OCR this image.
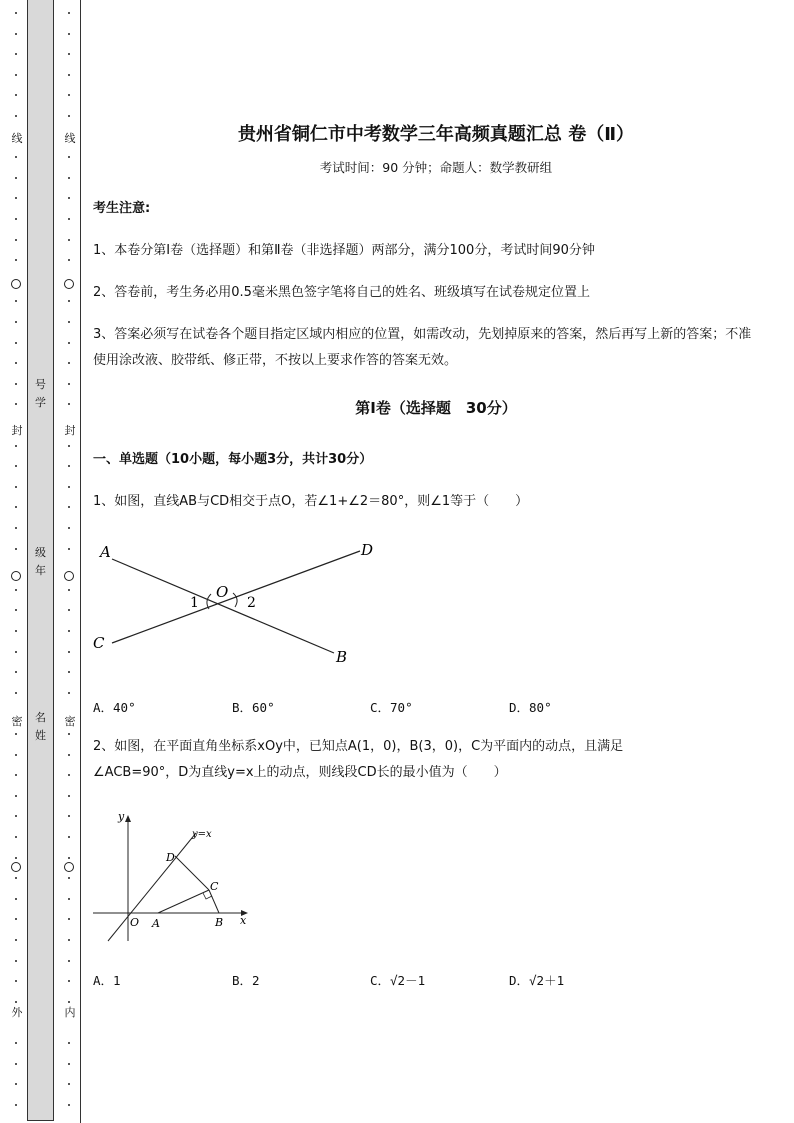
线
封
密
外
号
学
级
年
名
姓
线
封
密
内
贵州省铜仁市中考数学三年高频真题汇总 卷（Ⅱ）
考试时间：90 分钟；命题人：数学教研组
考生注意:
1、本卷分第Ⅰ卷（选择题）和第Ⅱ卷（非选择题）两部分，满分100分，考试时间90分钟
2、答卷前，考生务必用0.5毫米黑色签字笔将自己的姓名、班级填写在试卷规定位置上
3、答案必须写在试卷各个题目指定区域内相应的位置，如需改动，先划掉原来的答案，然后再写上新的答案；不准使用涂改液、胶带纸、修正带，不按以上要求作答的答案无效。
第Ⅰ卷（选择题　30分）
一、单选题（10小题，每小题3分，共计30分）
1、如图，直线AB与CD相交于点O，若∠1+∠2＝80°，则∠1等于（　　）
A	D
C
B
O
1	2
A．40°	B．60°	C．70°	D．80°
2、如图，在平面直角坐标系xOy中，已知点A(1，0)，B(3，0)，C为平面内的动点，且满足
∠ACB=90°，D为直线y=x上的动点，则线段CD长的最小值为（　　）
y
x
y=x
D
C
O A	B
A．1	B．2	C．√2－1	D．√2＋1
